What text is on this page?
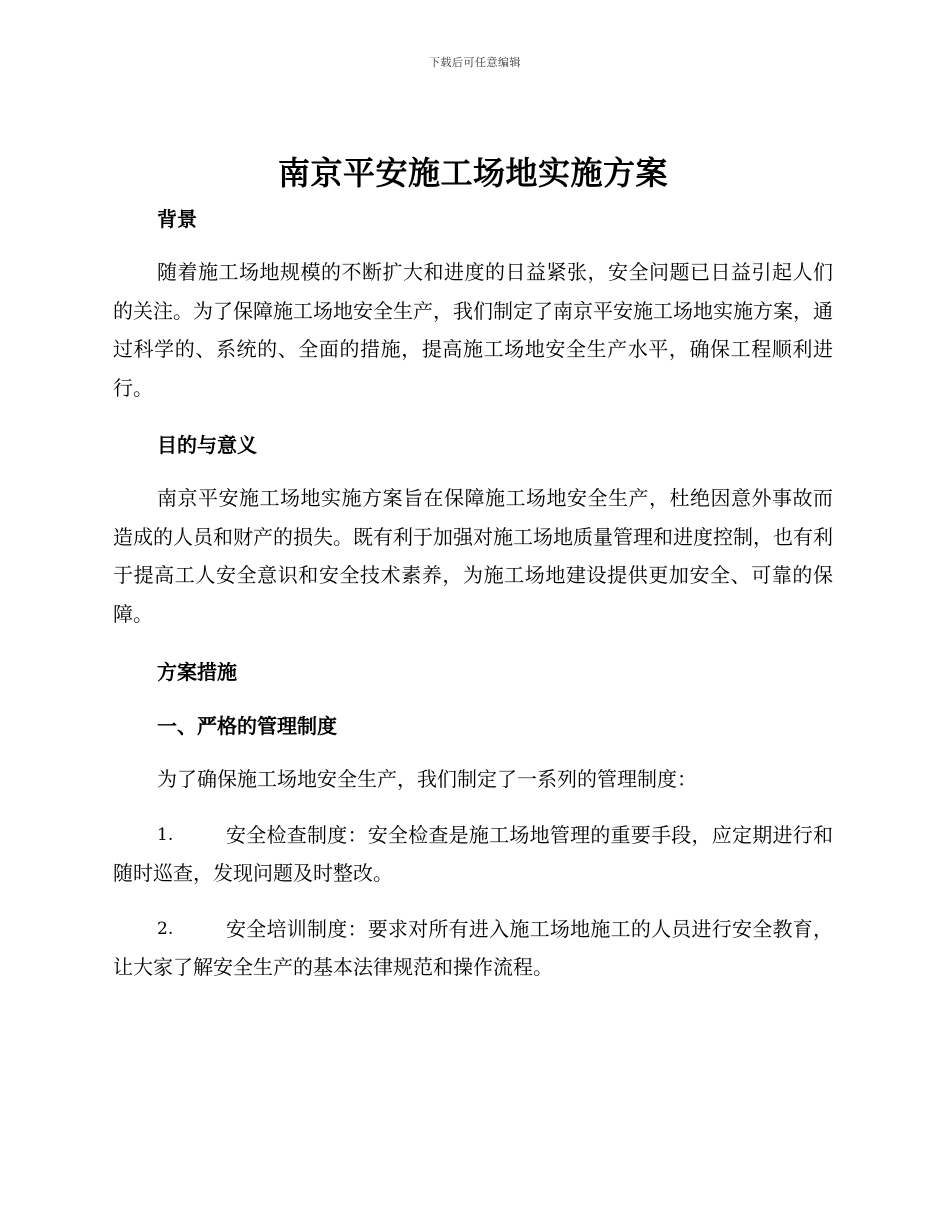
下载后可任意编辑
南京平安施工场地实施方案
背景

随着施工场地规模的不断扩大和进度的日益紧张，安全问题已日益引起人们的关注。为了保障施工场地安全生产，我们制定了南京平安施工场地实施方案，通过科学的、系统的、全面的措施，提高施工场地安全生产水平，确保工程顺利进行。

目的与意义

南京平安施工场地实施方案旨在保障施工场地安全生产，杜绝因意外事故而造成的人员和财产的损失。既有利于加强对施工场地质量管理和进度控制，也有利于提高工人安全意识和安全技术素养，为施工场地建设提供更加安全、可靠的保障。

方案措施
一、严格的管理制度

为了确保施工场地安全生产，我们制定了一系列的管理制度：

1.	安全检查制度：安全检查是施工场地管理的重要手段，应定期进行和随时巡查，发现问题及时整改。
2.	安全培训制度：要求对所有进入施工场地施工的人员进行安全教育，让大家了解安全生产的基本法律规范和操作流程。
